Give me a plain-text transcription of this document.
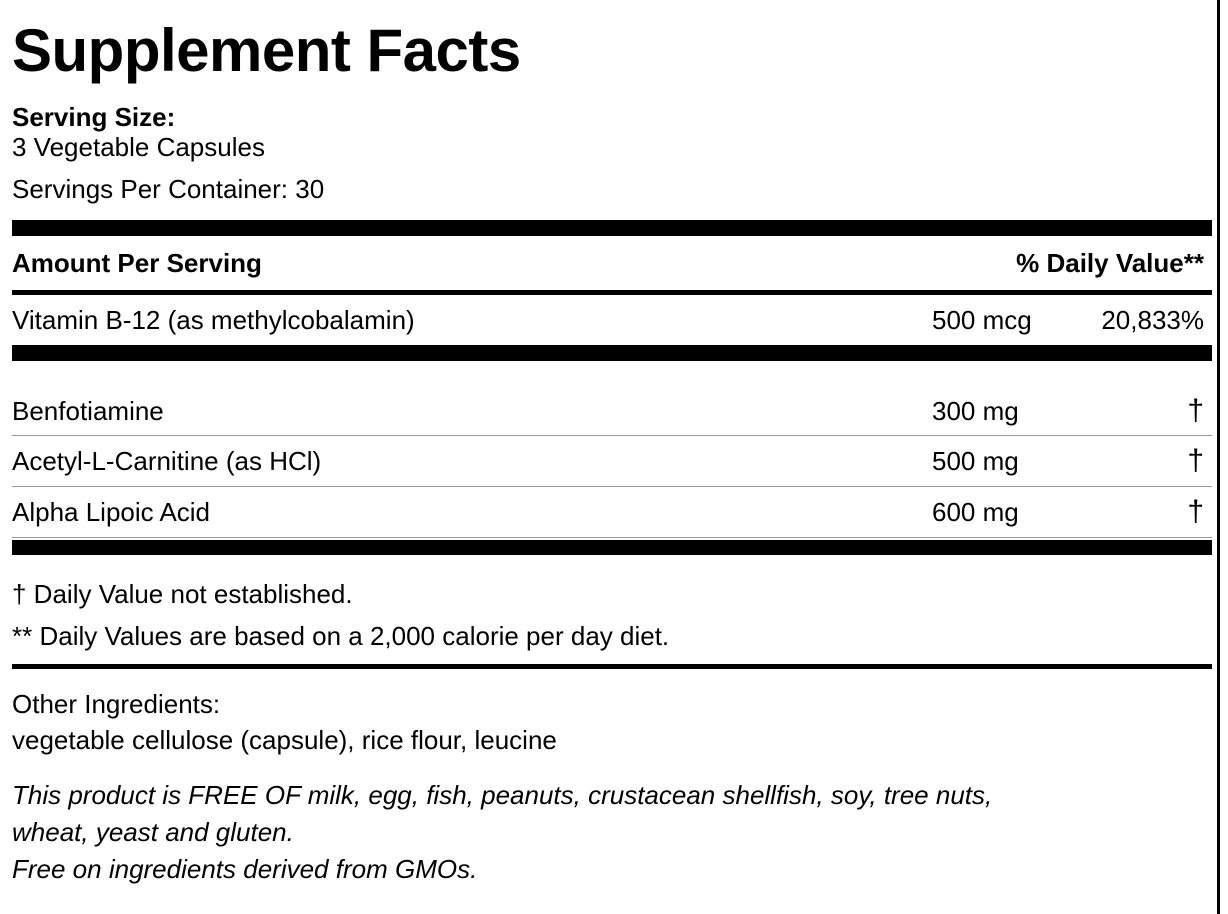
Supplement Facts
Serving Size:
3 Vegetable Capsules
Servings Per Container: 30
Amount Per Serving	% Daily Value**
Vitamin B-12 (as methylcobalamin)	500 mcg	20,833%
Benfotiamine	300 mg	†
Acetyl-L-Carnitine (as HCl)	500 mg	†
Alpha Lipoic Acid	600 mg	†
† Daily Value not established.
** Daily Values are based on a 2,000 calorie per day diet.
Other Ingredients:
vegetable cellulose (capsule), rice flour, leucine
This product is FREE OF milk, egg, fish, peanuts, crustacean shellfish, soy, tree nuts,
wheat, yeast and gluten.
Free on ingredients derived from GMOs.
